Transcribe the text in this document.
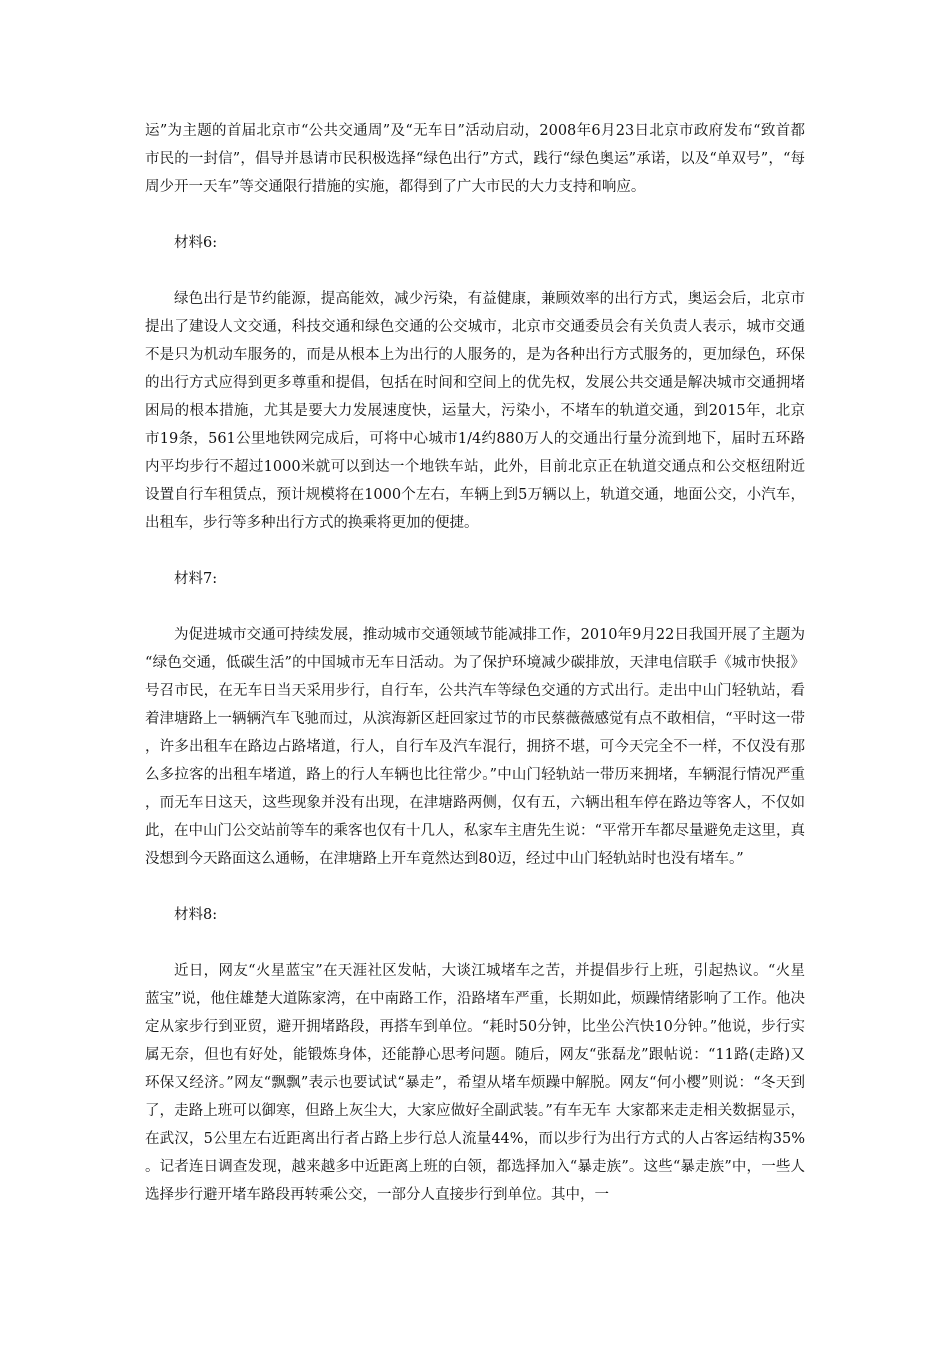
运”为主题的首届北京市“公共交通周”及“无车日”活动启动，2008年6月23日北京市政府发布“致首都市民的一封信”，倡导并恳请市民积极选择“绿色出行”方式，践行“绿色奥运”承诺，以及“单双号”，“每周少开一天车”等交通限行措施的实施，都得到了广大市民的大力支持和响应。

材料6:

绿色出行是节约能源，提高能效，减少污染，有益健康，兼顾效率的出行方式，奥运会后，北京市提出了建设人文交通，科技交通和绿色交通的公交城市，北京市交通委员会有关负责人表示，城市交通不是只为机动车服务的，而是从根本上为出行的人服务的，是为各种出行方式服务的，更加绿色，环保的出行方式应得到更多尊重和提倡，包括在时间和空间上的优先权，发展公共交通是解决城市交通拥堵困局的根本措施，尤其是要大力发展速度快，运量大，污染小，不堵车的轨道交通，到2015年，北京市19条，561公里地铁网完成后，可将中心城市1/4约880万人的交通出行量分流到地下，届时五环路内平均步行不超过1000米就可以到达一个地铁车站，此外，目前北京正在轨道交通点和公交枢纽附近设置自行车租赁点，预计规模将在1000个左右，车辆上到5万辆以上，轨道交通，地面公交，小汽车，出租车，步行等多种出行方式的换乘将更加的便捷。

材料7:

为促进城市交通可持续发展，推动城市交通领域节能减排工作，2010年9月22日我国开展了主题为“绿色交通，低碳生活”的中国城市无车日活动。为了保护环境减少碳排放，天津电信联手《城市快报》号召市民，在无车日当天采用步行，自行车，公共汽车等绿色交通的方式出行。走出中山门轻轨站，看着津塘路上一辆辆汽车飞驰而过，从滨海新区赶回家过节的市民蔡薇薇感觉有点不敢相信，“平时这一带，许多出租车在路边占路堵道，行人，自行车及汽车混行，拥挤不堪，可今天完全不一样，不仅没有那么多拉客的出租车堵道，路上的行人车辆也比往常少。”中山门轻轨站一带历来拥堵，车辆混行情况严重，而无车日这天，这些现象并没有出现，在津塘路两侧，仅有五，六辆出租车停在路边等客人，不仅如此，在中山门公交站前等车的乘客也仅有十几人，私家车主唐先生说：“平常开车都尽量避免走这里，真没想到今天路面这么通畅，在津塘路上开车竟然达到80迈，经过中山门轻轨站时也没有堵车。”

材料8:

近日，网友“火星蓝宝”在天涯社区发帖，大谈江城堵车之苦，并提倡步行上班，引起热议。“火星蓝宝”说，他住雄楚大道陈家湾，在中南路工作，沿路堵车严重，长期如此，烦躁情绪影响了工作。他决定从家步行到亚贸，避开拥堵路段，再搭车到单位。“耗时50分钟，比坐公汽快10分钟。”他说，步行实属无奈，但也有好处，能锻炼身体，还能静心思考问题。随后，网友“张磊龙”跟帖说：“11路(走路)又环保又经济。”网友“飘飘”表示也要试试“暴走”，希望从堵车烦躁中解脱。网友“何小樱”则说：“冬天到了，走路上班可以御寒，但路上灰尘大，大家应做好全副武装。”有车无车 大家都来走走相关数据显示，在武汉，5公里左右近距离出行者占路上步行总人流量44%，而以步行为出行方式的人占客运结构35%。记者连日调查发现，越来越多中近距离上班的白领，都选择加入“暴走族”。这些“暴走族”中，一些人选择步行避开堵车路段再转乘公交，一部分人直接步行到单位。其中，一
